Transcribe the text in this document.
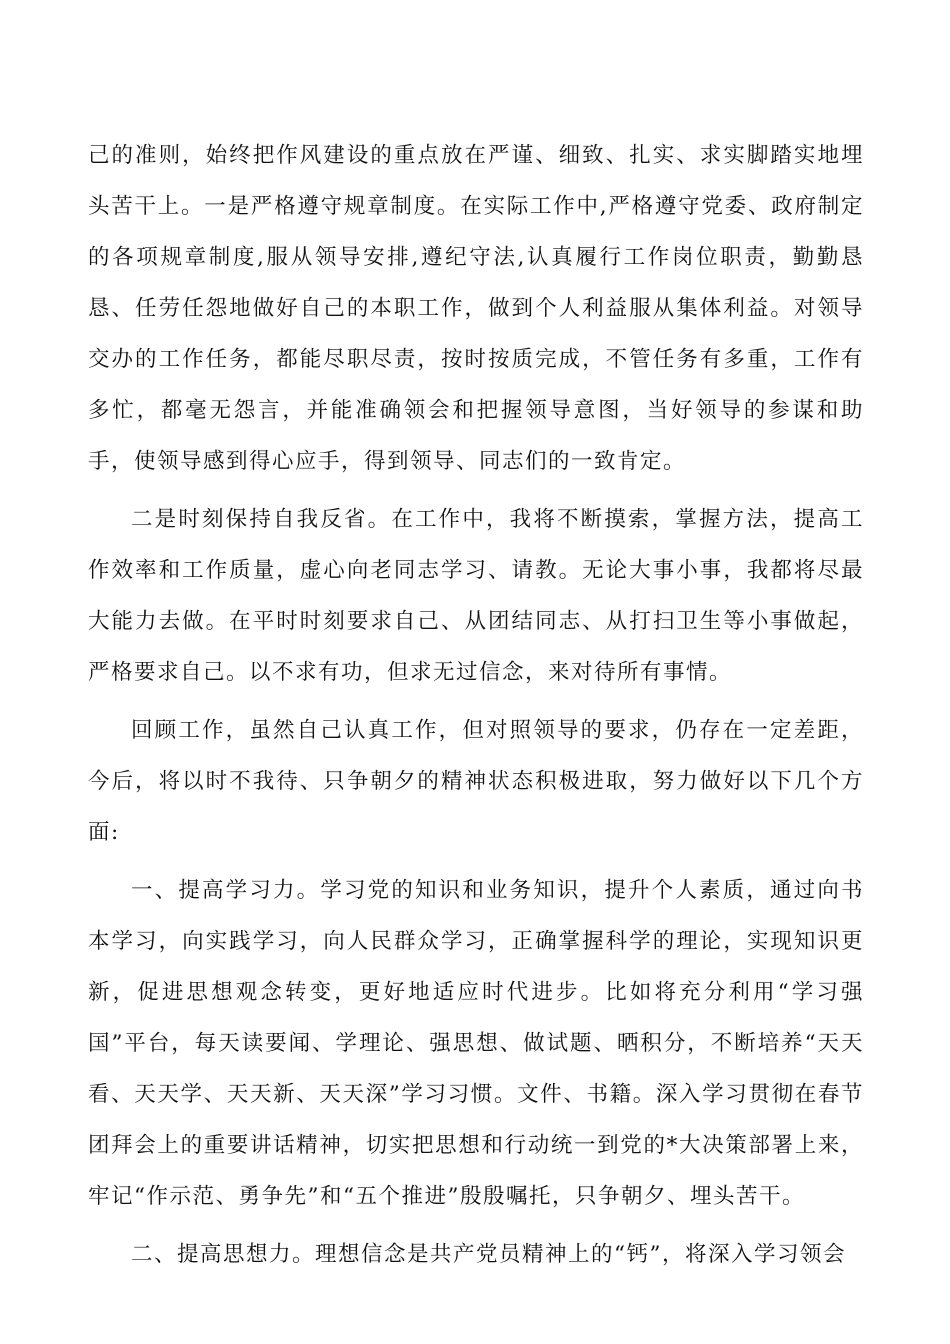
己的准则，始终把作风建设的重点放在严谨、细致、扎实、求实脚踏实地埋头苦干上。一是严格遵守规章制度。在实际工作中,严格遵守党委、政府制定的各项规章制度,服从领导安排,遵纪守法,认真履行工作岗位职责，勤勤恳恳、任劳任怨地做好自己的本职工作，做到个人利益服从集体利益。对领导交办的工作任务，都能尽职尽责，按时按质完成，不管任务有多重，工作有多忙，都毫无怨言，并能准确领会和把握领导意图，当好领导的参谋和助手，使领导感到得心应手，得到领导、同志们的一致肯定。

二是时刻保持自我反省。在工作中，我将不断摸索，掌握方法，提高工作效率和工作质量，虚心向老同志学习、请教。无论大事小事，我都将尽最大能力去做。在平时时刻要求自己、从团结同志、从打扫卫生等小事做起，严格要求自己。以不求有功，但求无过信念，来对待所有事情。

回顾工作，虽然自己认真工作，但对照领导的要求，仍存在一定差距，今后，将以时不我待、只争朝夕的精神状态积极进取，努力做好以下几个方面:

一、提高学习力。学习党的知识和业务知识，提升个人素质，通过向书本学习，向实践学习，向人民群众学习，正确掌握科学的理论，实现知识更新，促进思想观念转变，更好地适应时代进步。比如将充分利用“学习强国”平台，每天读要闻、学理论、强思想、做试题、晒积分，不断培养“天天看、天天学、天天新、天天深”学习习惯。文件、书籍。深入学习贯彻在春节团拜会上的重要讲话精神，切实把思想和行动统一到党的*大决策部署上来，牢记“作示范、勇争先”和“五个推进”殷殷嘱托，只争朝夕、埋头苦干。

二、提高思想力。理想信念是共产党员精神上的“钙”，将深入学习领会
